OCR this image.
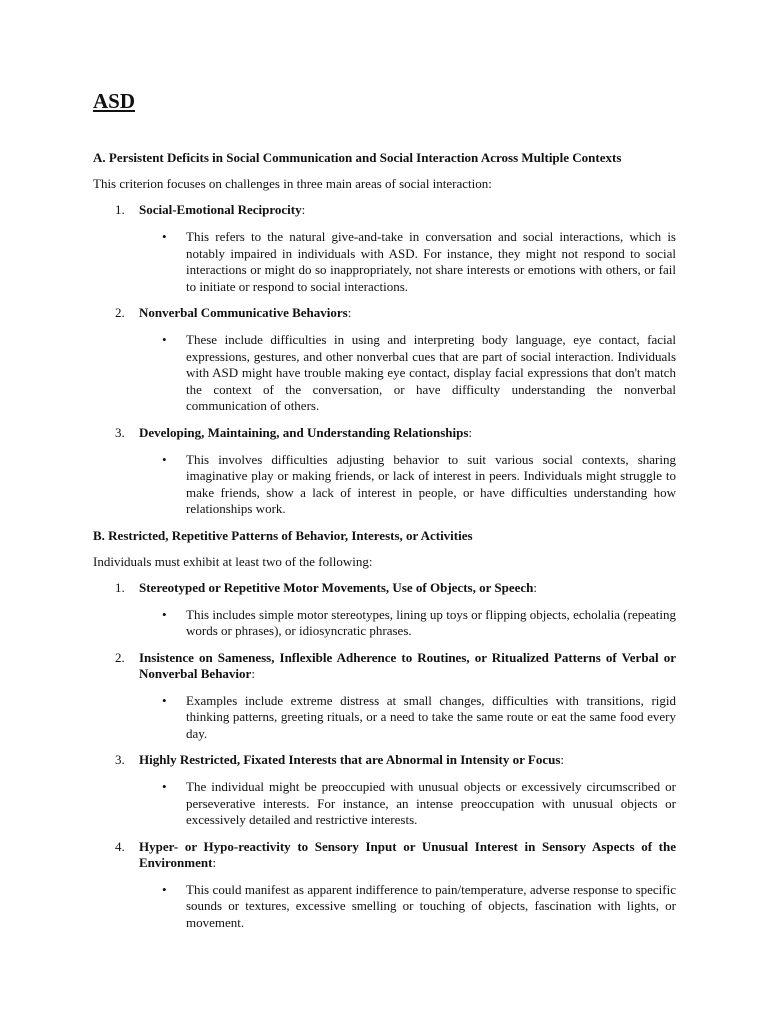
ASD
A. Persistent Deficits in Social Communication and Social Interaction Across Multiple Contexts
This criterion focuses on challenges in three main areas of social interaction:
1. Social-Emotional Reciprocity:
• This refers to the natural give-and-take in conversation and social interactions, which is notably impaired in individuals with ASD. For instance, they might not respond to social interactions or might do so inappropriately, not share interests or emotions with others, or fail to initiate or respond to social interactions.
2. Nonverbal Communicative Behaviors:
• These include difficulties in using and interpreting body language, eye contact, facial expressions, gestures, and other nonverbal cues that are part of social interaction. Individuals with ASD might have trouble making eye contact, display facial expressions that don't match the context of the conversation, or have difficulty understanding the nonverbal communication of others.
3. Developing, Maintaining, and Understanding Relationships:
• This involves difficulties adjusting behavior to suit various social contexts, sharing imaginative play or making friends, or lack of interest in peers. Individuals might struggle to make friends, show a lack of interest in people, or have difficulties understanding how relationships work.
B. Restricted, Repetitive Patterns of Behavior, Interests, or Activities
Individuals must exhibit at least two of the following:
1. Stereotyped or Repetitive Motor Movements, Use of Objects, or Speech:
• This includes simple motor stereotypes, lining up toys or flipping objects, echolalia (repeating words or phrases), or idiosyncratic phrases.
2. Insistence on Sameness, Inflexible Adherence to Routines, or Ritualized Patterns of Verbal or Nonverbal Behavior:
• Examples include extreme distress at small changes, difficulties with transitions, rigid thinking patterns, greeting rituals, or a need to take the same route or eat the same food every day.
3. Highly Restricted, Fixated Interests that are Abnormal in Intensity or Focus:
• The individual might be preoccupied with unusual objects or excessively circumscribed or perseverative interests. For instance, an intense preoccupation with unusual objects or excessively detailed and restrictive interests.
4. Hyper- or Hypo-reactivity to Sensory Input or Unusual Interest in Sensory Aspects of the Environment:
• This could manifest as apparent indifference to pain/temperature, adverse response to specific sounds or textures, excessive smelling or touching of objects, fascination with lights, or movement.
